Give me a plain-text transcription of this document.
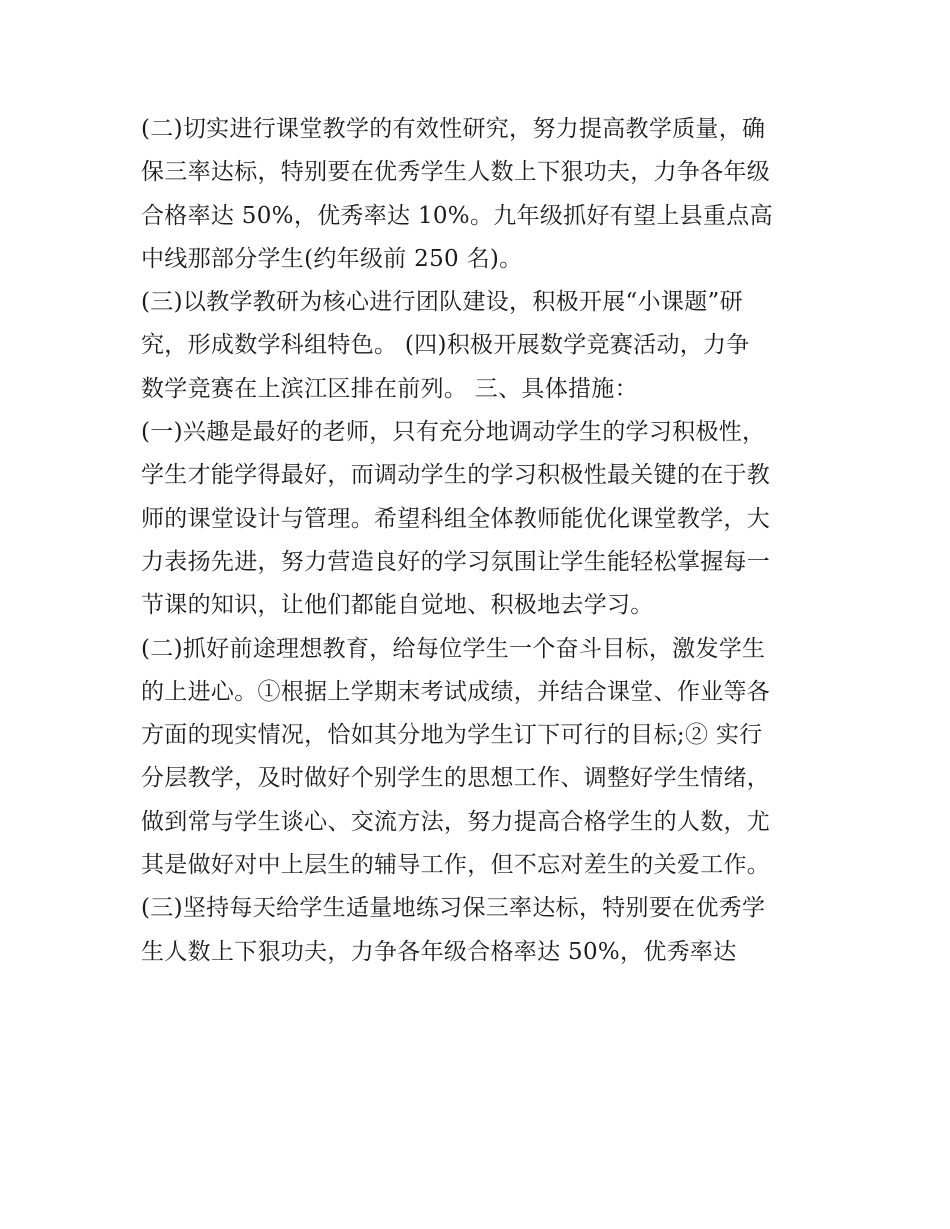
(二)切实进行课堂教学的有效性研究，努力提高教学质量，确
保三率达标，特别要在优秀学生人数上下狠功夫，力争各年级
合格率达 50%，优秀率达 10%。九年级抓好有望上县重点高
中线那部分学生(约年级前 250 名)。
(三)以教学教研为核心进行团队建设，积极开展“小课题”研
究，形成数学科组特色。 (四)积极开展数学竞赛活动，力争
数学竞赛在上滨江区排在前列。 三、具体措施：
(一)兴趣是最好的老师，只有充分地调动学生的学习积极性，
学生才能学得最好，而调动学生的学习积极性最关键的在于教
师的课堂设计与管理。希望科组全体教师能优化课堂教学，大
力表扬先进，努力营造良好的学习氛围让学生能轻松掌握每一
节课的知识，让他们都能自觉地、积极地去学习。
(二)抓好前途理想教育，给每位学生一个奋斗目标，激发学生
的上进心。①根据上学期末考试成绩，并结合课堂、作业等各
方面的现实情况，恰如其分地为学生订下可行的目标;② 实行
分层教学，及时做好个别学生的思想工作、调整好学生情绪，
做到常与学生谈心、交流方法，努力提高合格学生的人数，尤
其是做好对中上层生的辅导工作，但不忘对差生的关爱工作。
(三)坚持每天给学生适量地练习保三率达标，特别要在优秀学
生人数上下狠功夫，力争各年级合格率达 50%，优秀率达
